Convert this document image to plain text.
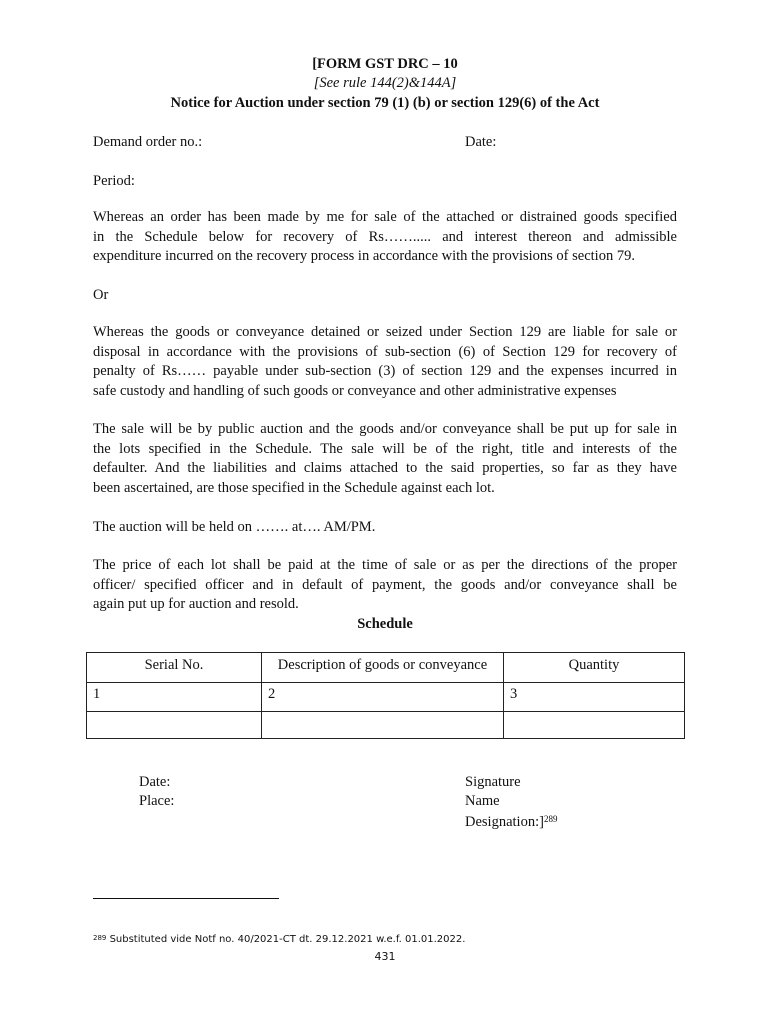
[FORM GST DRC – 10
[See rule 144(2)&144A]
Notice for Auction under section 79 (1) (b) or section 129(6) of the Act
Demand order no.:	Date:
Period:
Whereas an order has been made by me for sale of the attached or distrained goods specified
in the Schedule below for recovery of Rs……..... and interest thereon and admissible
expenditure incurred on the recovery process in accordance with the provisions of section 79.
Or
Whereas the goods or conveyance detained or seized under Section 129 are liable for sale or
disposal in accordance with the provisions of sub-section (6) of Section 129 for recovery of
penalty of Rs…… payable under sub-section (3) of section 129 and the expenses incurred in
safe custody and handling of such goods or conveyance and other administrative expenses
The sale will be by public auction and the goods and/or conveyance shall be put up for sale in
the lots specified in the Schedule. The sale will be of the right, title and interests of the
defaulter. And the liabilities and claims attached to the said properties, so far as they have
been ascertained, are those specified in the Schedule against each lot.
The auction will be held on ……. at…. AM/PM.
The price of each lot shall be paid at the time of sale or as per the directions of the proper
officer/ specified officer and in default of payment, the goods and/or conveyance shall be
again put up for auction and resold.
Schedule
Serial No.	Description of goods or conveyance	Quantity
1	2	3

Date:
Place:
Signature
Name
Designation:]$^{289}$
$^{289}$ Substituted vide Notf no. 40/2021-CT dt. 29.12.2021 w.e.f. 01.01.2022.
431
